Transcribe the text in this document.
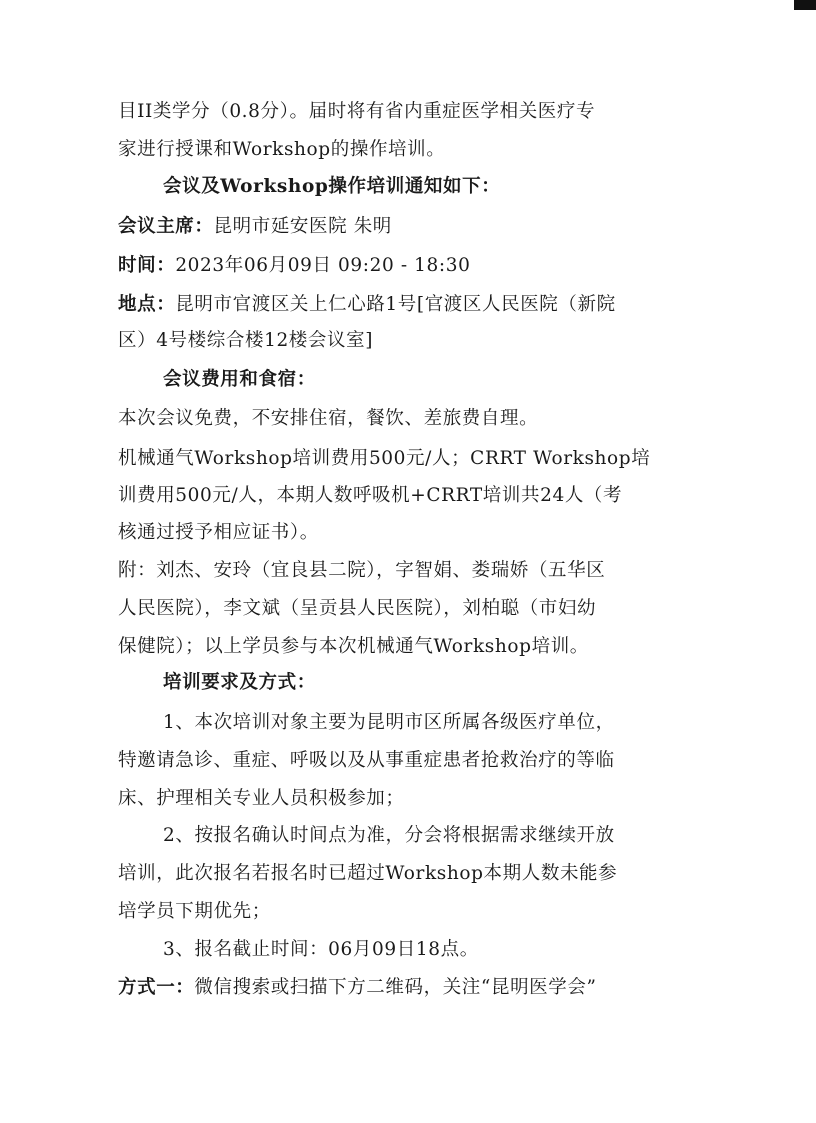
目II类学分（0.8分）。届时将有省内重症医学相关医疗专
家进行授课和Workshop的操作培训。
会议及Workshop操作培训通知如下：
会议主席：昆明市延安医院 朱明
时间：2023年06月09日 09:20 - 18:30
地点：昆明市官渡区关上仁心路1号[官渡区人民医院（新院
区）4号楼综合楼12楼会议室]
会议费用和食宿：
本次会议免费，不安排住宿，餐饮、差旅费自理。
机械通气Workshop培训费用500元/人；CRRT Workshop培
训费用500元/人，本期人数呼吸机+CRRT培训共24人（考
核通过授予相应证书）。
附：刘杰、安玲（宜良县二院），字智娟、娄瑞娇（五华区
人民医院），李文斌（呈贡县人民医院），刘柏聪（市妇幼
保健院）；以上学员参与本次机械通气Workshop培训。
培训要求及方式：
1、本次培训对象主要为昆明市区所属各级医疗单位，
特邀请急诊、重症、呼吸以及从事重症患者抢救治疗的等临
床、护理相关专业人员积极参加；
2、按报名确认时间点为准，分会将根据需求继续开放
培训，此次报名若报名时已超过Workshop本期人数未能参
培学员下期优先；
3、报名截止时间：06月09日18点。
方式一：微信搜索或扫描下方二维码，关注“昆明医学会”
